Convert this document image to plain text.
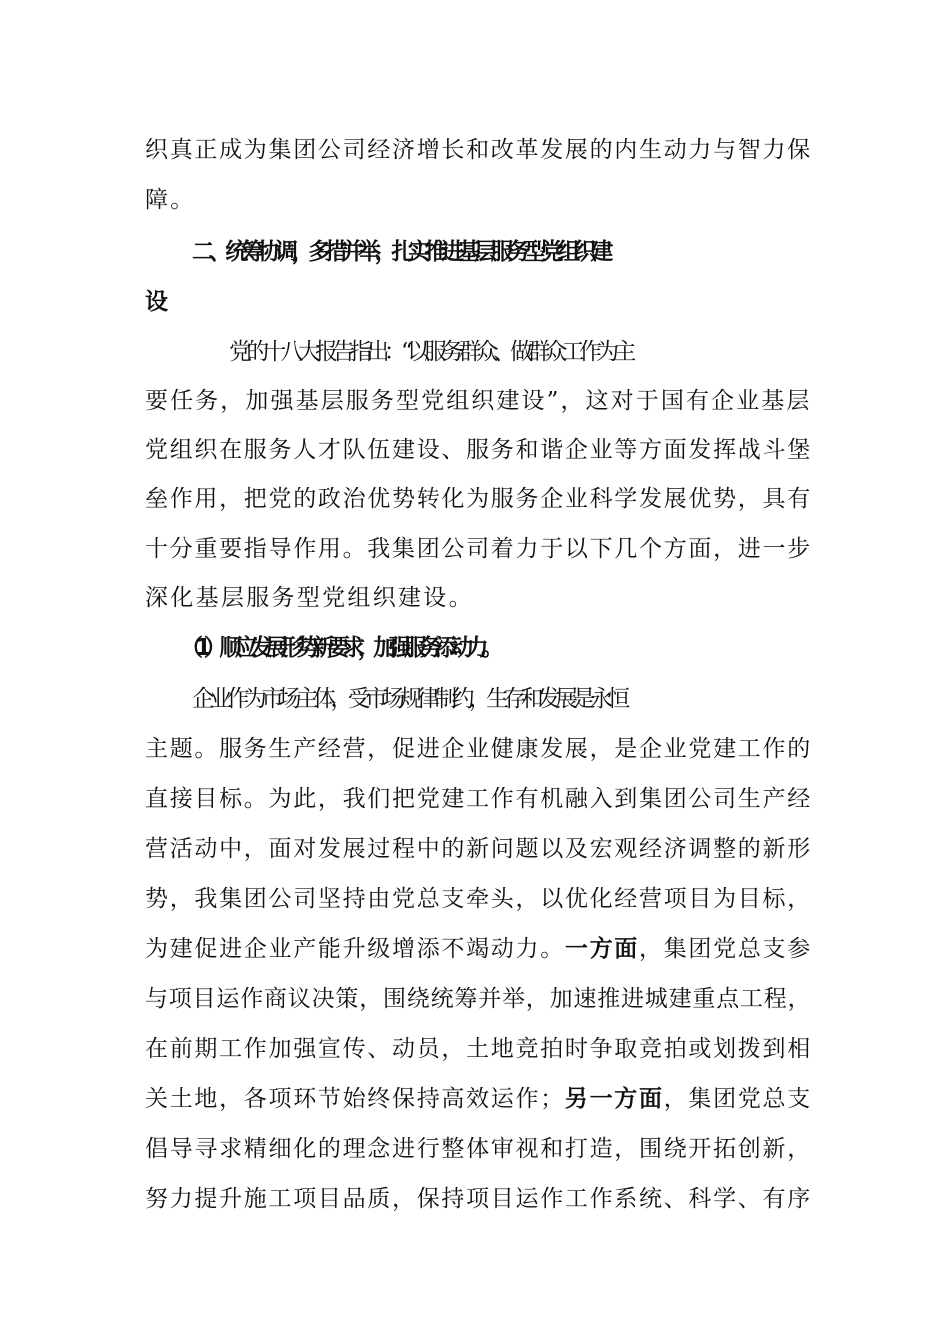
织真正成为集团公司经济增长和改革发展的内生动力与智力保
障。
二、统筹协调，多措并举，扎实推进基层服务型党组织建
设
党的十八大报告指出：“以服务群众、做群众工作为主
要任务，加强基层服务型党组织建设”，这对于国有企业基层
党组织在服务人才队伍建设、服务和谐企业等方面发挥战斗堡
垒作用，把党的政治优势转化为服务企业科学发展优势，具有
十分重要指导作用。我集团公司着力于以下几个方面，进一步
深化基层服务型党组织建设。
（1）顺应发展形势新要求，加强服务添动力。
企业作为市场主体，受市场规律制约，生存和发展是永恒
主题。服务生产经营，促进企业健康发展，是企业党建工作的
直接目标。为此，我们把党建工作有机融入到集团公司生产经
营活动中，面对发展过程中的新问题以及宏观经济调整的新形
势，我集团公司坚持由党总支牵头，以优化经营项目为目标，
为建促进企业产能升级增添不竭动力。一方面，集团党总支参
与项目运作商议决策，围绕统筹并举，加速推进城建重点工程，
在前期工作加强宣传、动员，土地竞拍时争取竞拍或划拨到相
关土地，各项环节始终保持高效运作；另一方面，集团党总支
倡导寻求精细化的理念进行整体审视和打造，围绕开拓创新，
努力提升施工项目品质，保持项目运作工作系统、科学、有序
